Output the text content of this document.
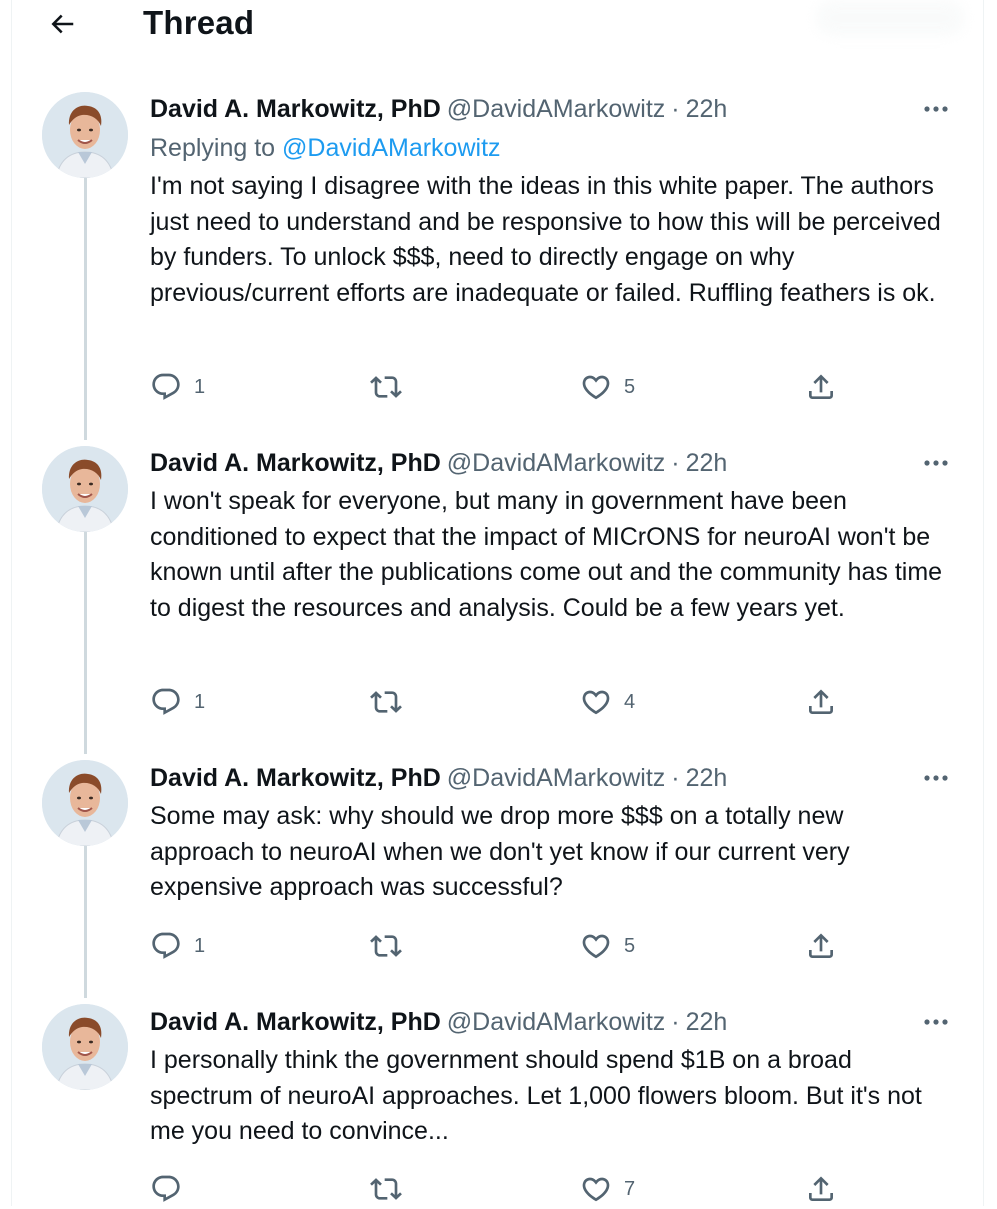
Thread
David A. Markowitz, PhD @DavidAMarkowitz · 22h
Replying to @DavidAMarkowitz
I'm not saying I disagree with the ideas in this white paper. The authors just need to understand and be responsive to how this will be perceived by funders. To unlock $$$, need to directly engage on why previous/current efforts are inadequate or failed. Ruffling feathers is ok.
1	5
David A. Markowitz, PhD @DavidAMarkowitz · 22h
I won't speak for everyone, but many in government have been conditioned to expect that the impact of MICrONS for neuroAI won't be known until after the publications come out and the community has time to digest the resources and analysis. Could be a few years yet.
1	4
David A. Markowitz, PhD @DavidAMarkowitz · 22h
Some may ask: why should we drop more $$$ on a totally new approach to neuroAI when we don't yet know if our current very expensive approach was successful?
1	5
David A. Markowitz, PhD @DavidAMarkowitz · 22h
I personally think the government should spend $1B on a broad spectrum of neuroAI approaches. Let 1,000 flowers bloom. But it's not me you need to convince...
7
